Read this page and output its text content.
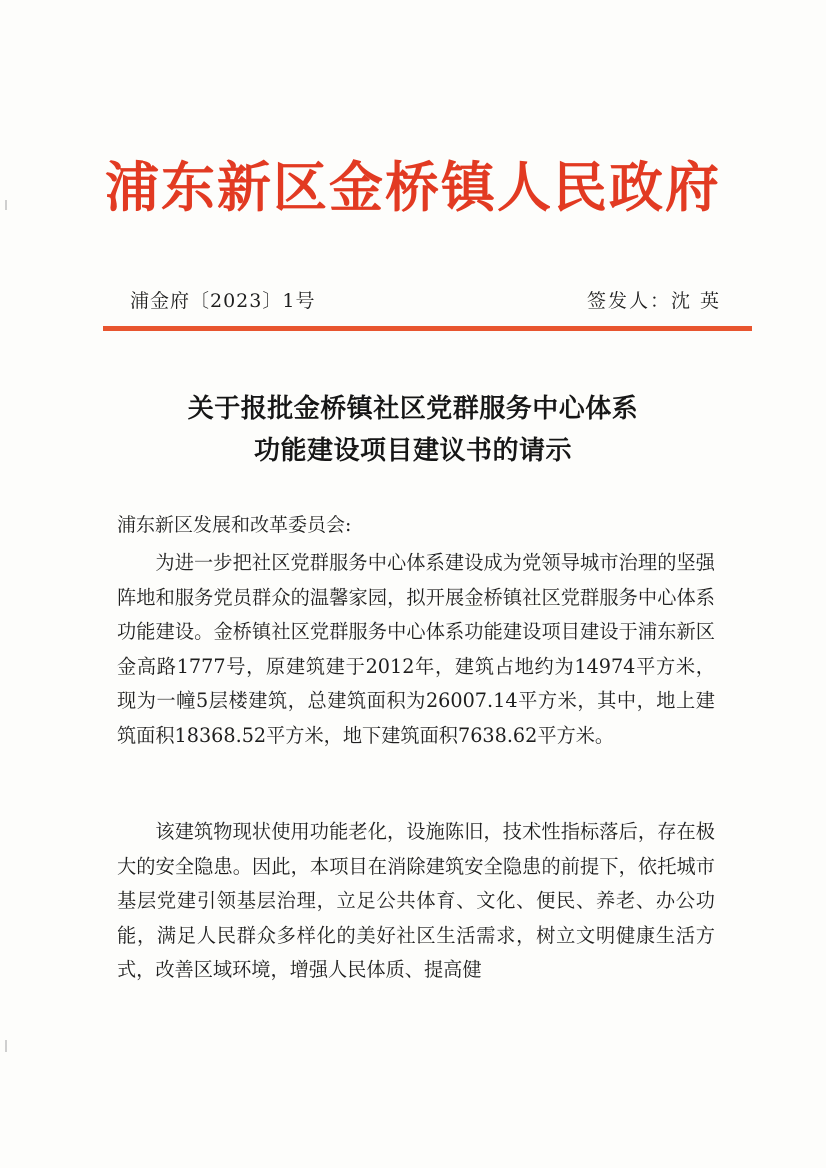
浦东新区金桥镇人民政府
浦金府〔2023〕1号	签发人：沈 英
关于报批金桥镇社区党群服务中心体系
功能建设项目建议书的请示
浦东新区发展和改革委员会:

为进一步把社区党群服务中心体系建设成为党领导城市治理的坚强阵地和服务党员群众的温馨家园，拟开展金桥镇社区党群服务中心体系功能建设。金桥镇社区党群服务中心体系功能建设项目建设于浦东新区金高路1777号，原建筑建于2012年，建筑占地约为14974平方米，现为一幢5层楼建筑，总建筑面积为26007.14平方米，其中，地上建筑面积18368.52平方米，地下建筑面积7638.62平方米。

该建筑物现状使用功能老化，设施陈旧，技术性指标落后，存在极大的安全隐患。因此，本项目在消除建筑安全隐患的前提下，依托城市基层党建引领基层治理，立足公共体育、文化、便民、养老、办公功能，满足人民群众多样化的美好社区生活需求，树立文明健康生活方式，改善区域环境，增强人民体质、提高健
